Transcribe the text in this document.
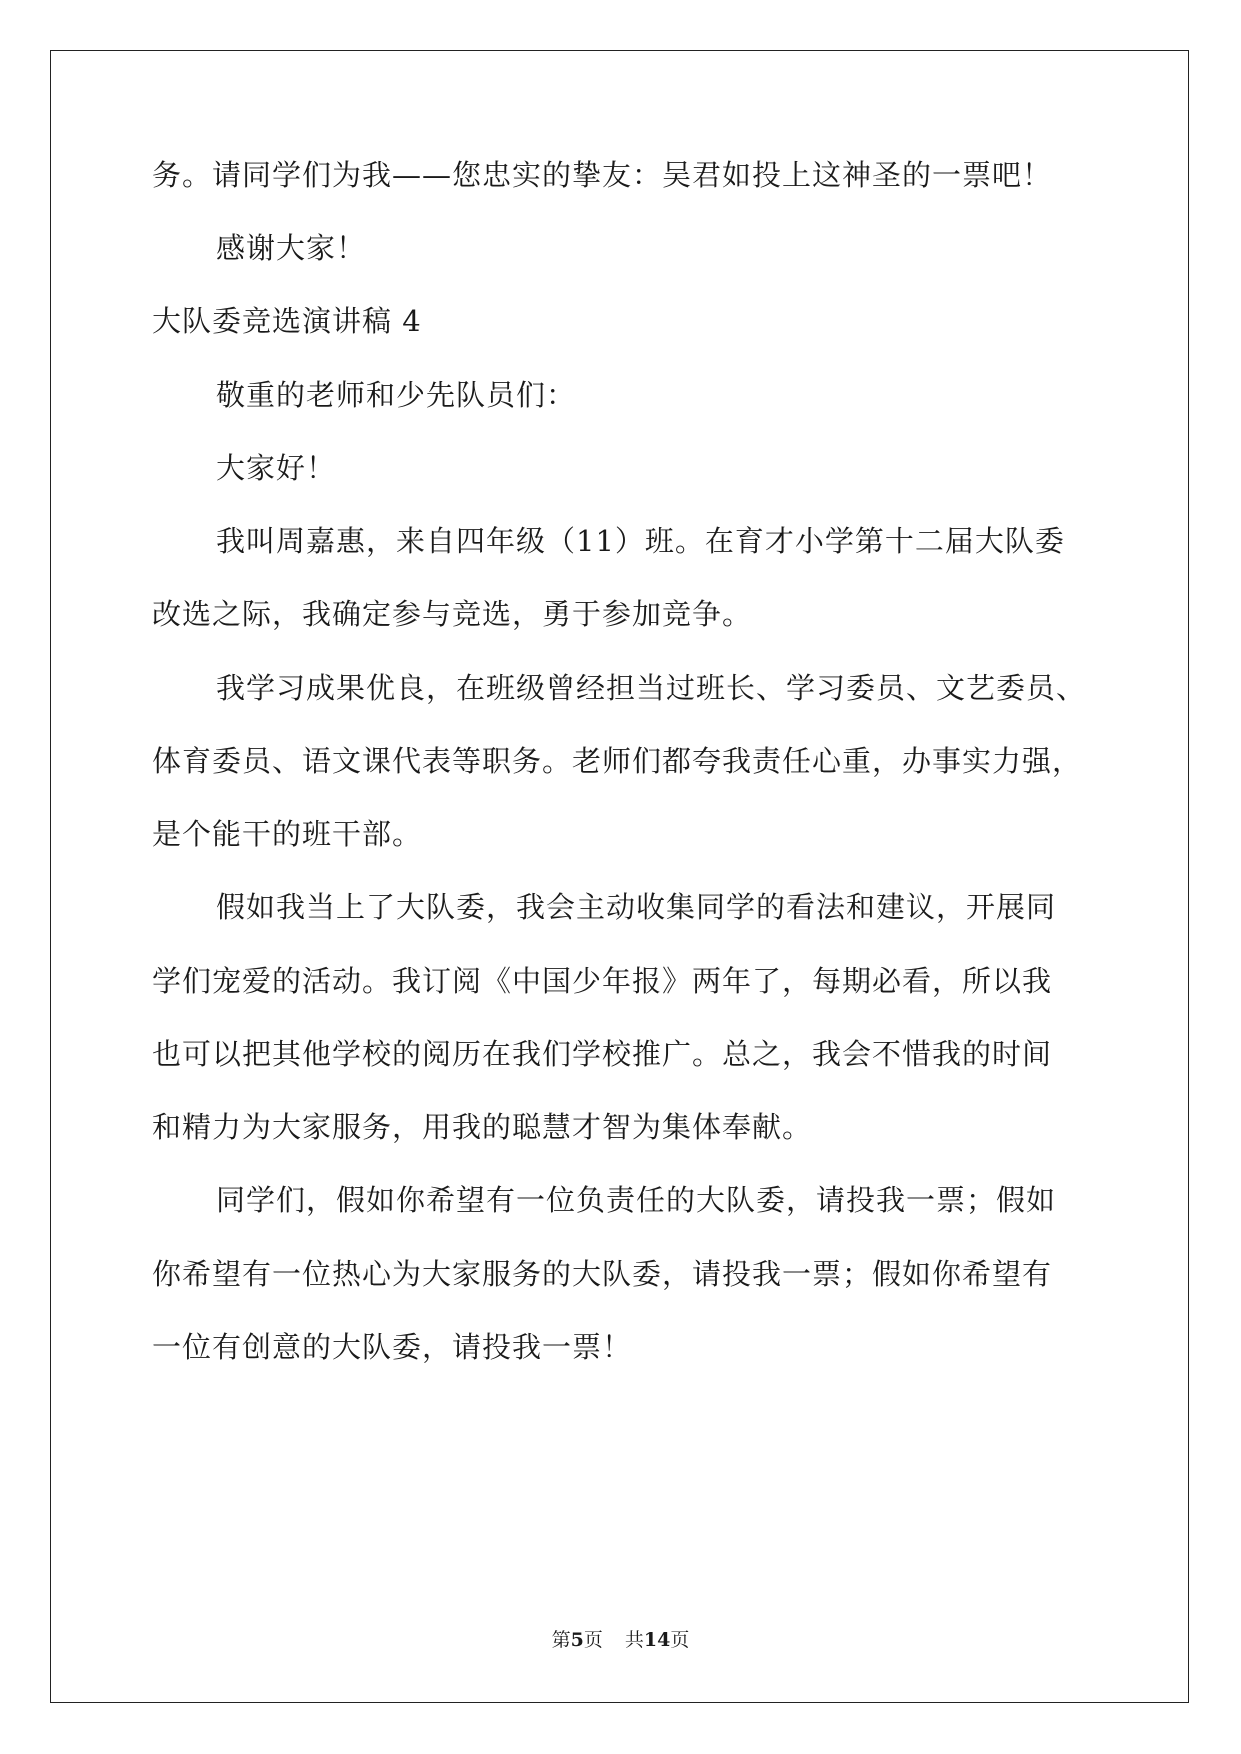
务。请同学们为我——您忠实的挚友：吴君如投上这神圣的一票吧！
感谢大家！
大队委竞选演讲稿 4
敬重的老师和少先队员们：
大家好！
我叫周嘉惠，来自四年级（11）班。在育才小学第十二届大队委
改选之际，我确定参与竞选，勇于参加竞争。
我学习成果优良，在班级曾经担当过班长、学习委员、文艺委员、
体育委员、语文课代表等职务。老师们都夸我责任心重，办事实力强，
是个能干的班干部。
假如我当上了大队委，我会主动收集同学的看法和建议，开展同
学们宠爱的活动。我订阅《中国少年报》两年了，每期必看，所以我
也可以把其他学校的阅历在我们学校推广。总之，我会不惜我的时间
和精力为大家服务，用我的聪慧才智为集体奉献。
同学们，假如你希望有一位负责任的大队委，请投我一票；假如
你希望有一位热心为大家服务的大队委，请投我一票；假如你希望有
一位有创意的大队委，请投我一票！
第5页 共14页
